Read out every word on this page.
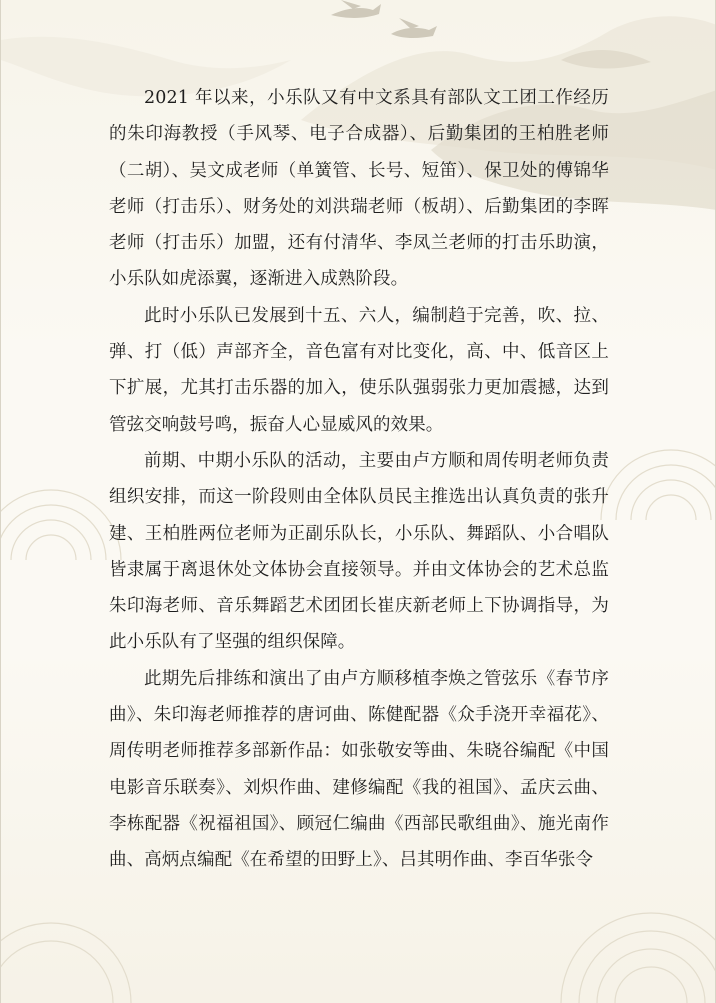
2021 年以来，小乐队又有中文系具有部队文工团工作经历的朱印海教授（手风琴、电子合成器）、后勤集团的王柏胜老师（二胡）、吴文成老师（单簧管、长号、短笛）、保卫处的傅锦华老师（打击乐）、财务处的刘洪瑞老师（板胡）、后勤集团的李晖老师（打击乐）加盟，还有付清华、李凤兰老师的打击乐助演，小乐队如虎添翼，逐渐进入成熟阶段。

此时小乐队已发展到十五、六人，编制趋于完善，吹、拉、弹、打（低）声部齐全，音色富有对比变化，高、中、低音区上下扩展，尤其打击乐器的加入，使乐队强弱张力更加震撼，达到管弦交响鼓号鸣，振奋人心显威风的效果。

前期、中期小乐队的活动，主要由卢方顺和周传明老师负责组织安排，而这一阶段则由全体队员民主推选出认真负责的张升建、王柏胜两位老师为正副乐队长，小乐队、舞蹈队、小合唱队皆隶属于离退休处文体协会直接领导。并由文体协会的艺术总监朱印海老师、音乐舞蹈艺术团团长崔庆新老师上下协调指导，为此小乐队有了坚强的组织保障。

此期先后排练和演出了由卢方顺移植李焕之管弦乐《春节序曲》、朱印海老师推荐的唐诃曲、陈健配器《众手浇开幸福花》、周传明老师推荐多部新作品：如张敬安等曲、朱晓谷编配《中国电影音乐联奏》、刘炽作曲、建修编配《我的祖国》、孟庆云曲、李栋配器《祝福祖国》、顾冠仁编曲《西部民歌组曲》、施光南作曲、高炳点编配《在希望的田野上》、吕其明作曲、李百华张令
